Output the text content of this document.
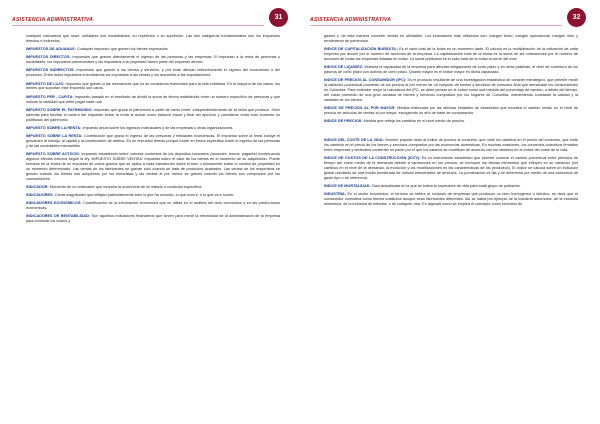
ASISTENCIA ADMINISTRATIVA	31

cualquier naturaleza que sean, señalarse sus modalidades, su repetición o su supresión. Las dos categorías fundamentales son los impuestos directos e indirectos.

IMPUESTOS DE ADUANAS: Cualquier impuesto que graven los bienes importados.

IMPUESTOS DIRECTOS: Impuestos que graven directamente el ingreso de las personas y las empresas. El impuesto a la renta de personas y sociedades, los impuestos patrimoniales y los impuestos a la propiedad hacen parte del impuesto directo.

IMPUESTOS INDIRECTOS: Impuestos que graven a los bienes y servicios, y por ende afectan indirectamente el ingreso del consumidor o del productor. Entre estos impuestos encontramos los impuestos a las ventas y los aranceles a las importaciones.

IMPUESTO DE LUJO: Impuesto que graven a las mercancías que no se consideran esenciales para la vida cotidiana. En la mayoría de los casos, los bienes que soportan este impuesto son caros.

IMPUESTO PER - CAPITA: Impuesto basado en el resultado de dividir la suma de dinero establecida entre un número específico de personas y que indican la cantidad que debe pagar cada una.

IMPUESTO SOBRE EL PATRIMONIO: Impuesto que grava el patrimonio a partir de cierto límite, independientemente de la renta que produce. Sirve además para facilitar el control del impuesto sobre la renta al actuar como balance inicial y final del ejercicio y considerar renta todo aumento no justificado del patrimonio.

IMPUESTO SOBRE LA RENTA: Impuesto anual sobre los ingresos individuales y de las empresas u otras organizaciones.

IMPUESTO SOBRE LA RENTA: Contribución que grava el ingreso de las personas y entidades económicas. El impuesto sobre la renta incluye el gravamen al trabajo, al capital y la combinación de ambos. Es un impuesto directo porque incide en forma específica sobre el ingreso de las personas y de las sociedades mercantiles.

IMPUESTO SOBRE ACTIVOS: Impuesto establecido sobre cuentas corrientes de los depositos bancarios (acciones, bonos, pagarés) exceptuando algunos efectos exentos según la ley. IMPUESTO SOBRE VENTAS: Impuesto sobre el valor de los bienes en el momento de su adquisición. Puede tomarse en la forma de un impuesto de varios grados que se aplica a cada transacción sobre el bien o únicamente sobre el cambio de propiedad en un momento determinado. Las ventas de los fabricantes se gravan sólo cuando se trata de productos acabados. Las ventas de los mayoristas se gravan cuando los bienes son adquiridos por los minoristas y las ventas al por menor se graven cuando los bienes son comprados por los consumidores.

INDICADOR: Elemento de un ordenador que muestra la ocurrencia de un estado o condición específica.

INDICADORES: Cierta magnitudes que reflejan particularmente bien lo que ha ocurrido, lo que ocurre, o lo que va a ocurrir.

INDICADORES ECONÓMICOS: Cuantificación de la información económica que se utiliza en el análisis del ciclo económico y en las predicciones económicas.

INDICADORES DE RENTABILIDAD: Son aquellos indicadores financieros que sirven para medir la efectividad de la administración de la empresa para controlar los costos y

ASISTENCIA ADMINISTRATIVA	32

gastos y, de esta manera convertir ventas en utilidades. Los indicadores más utilizados son: margen bruto, margen operacional, margen neto y rendimiento de patrimonio.

INDICE DE CAPITALIZACIÓN BURSÁTIL: Es el valor total de la bolsa en un momento dado. El cálculo es la multiplicación de la cotización de cada empresa por acción por el número de acciones de la empresa. La capitalización total de la bolsa es la suma de las cotizaciones por el número de acciones de todas las empresas listadas en bolsa. La suma publicada es el valor total de la bolsa al cierre del mes.

INDICE DE LIQUIDEZ: Muestra la capacidad de la empresa para afrontar obligaciones de corto plazo y en otras palabras, el nivel de cobertura de los pasivos de corto plazo con activos de corto plazo. Quanto mayor es el índice mayor es dicha capacidad.

INDICE DE PRECIOS AL CONSUMIDOR (IPC): Es el producto resultante de una investigación estadística de carácter estratégico, que permite medir la variación porcentual promedio de los precios al por menor de un conjunto de bienes y servicios de consumo final que demandan los consumidores en Colombia. Para entender mejor la naturaleza del IPC, se debe pensar en el índice como una medida del porcentaje de cambio, a través del tiempo, del costo promedio de una gran canasta de bienes y servicios comprados por los hogares de Colombia, manteniendo constante la calidad y la cantidad de los bienes.

INDICE DE PRECIOS AL POR MAYOR: Medida elaborada por las oficinas estatales de estadística que muestra el cambio medio en el nivel de precios de artículos de ventas al por mayor, escogiendo un año de base de comparación.

INDICE DE PRECIOS: Medida que refleja los cambios en el nivel medio de precios.

INDICE DEL COSTE DE LA VIDA: Nombre popular dado al índice de precios al consumo, que mide los cambios en el precio del consumo, que mide los cambios en el precio de los bienes y servicios comprados por las economías domésticas. En muchas ocasiones, los convenios colectivos firmados entre empresas y sindicatos contienen un pacto por el que los salarios se modifican de acuerdo con los cambios en el índice del coste de la vida.

INDICE DE COSTOS DE LA CONSTRUCCIÓN (ICCV): Es un instrumento estadístico que permite conocer el cambio porcentual entre periodos de tiempo del costo medio de la demanda debido a variaciones en los precios; se excluyen los demás elementos que influyen en su variación (los cambios en el nivel de la demanda, la evolución y las modificaciones en las características de los productos). El índice se calcula sobre un indicador global resultado de una media ponderada de índices elementales de artículos. La ponderación es fija y se determina por medio de una estructura de gasto tipo o de referencia.

INDICE DE MORTALIDAD: Tasa actualizada en la que se indica la esperanza de vida para cada grupo de población.

INDUSTRIA: En el sector económico, el término se refiere al conjunto de empresas que producen un bien homogéneo o idéntico, es decir que el consumidor considera como bienes sustitutos aunque sean fabricantes diferentes. Así se habla por ejemplo de la industria automotriz, de la industria alimentica, de la industria de bebidas, o de cualquier otra. En algunas como se emplea el concepto como sinónimo de
